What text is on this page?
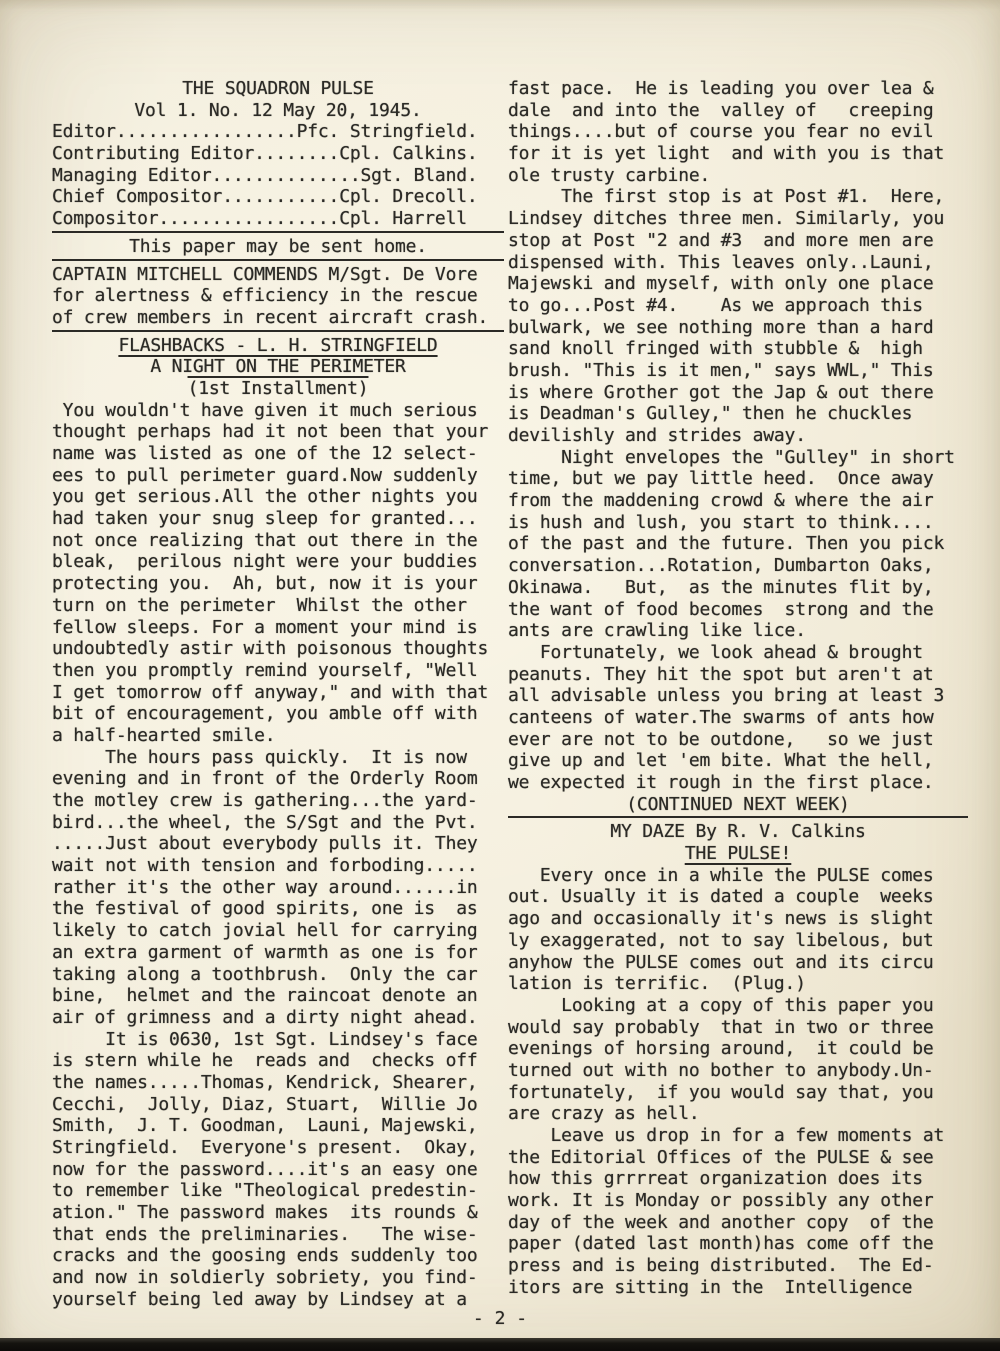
THE SQUADRON PULSE
Vol 1. No. 12 May 20, 1945.
Editor.................Pfc. Stringfield.
Contributing Editor........Cpl. Calkins.
Managing Editor..............Sgt. Bland.
Chief Compositor...........Cpl. Drecoll.
Compositor.................Cpl. Harrell
This paper may be sent home.
CAPTAIN MITCHELL COMMENDS M/Sgt. De Vore
for alertness & efficiency in the rescue
of crew members in recent aircraft crash.
FLASHBACKS - L. H. STRINGFIELD
A NIGHT ON THE PERIMETER
(1st Installment)
You wouldn't have given it much serious
thought perhaps had it not been that your
name was listed as one of the 12 select-
ees to pull perimeter guard.Now suddenly
you get serious.All the other nights you
had taken your snug sleep for granted...
not once realizing that out there in the
bleak,  perilous night were your buddies
protecting you.  Ah, but, now it is your
turn on the perimeter  Whilst the other
fellow sleeps. For a moment your mind is
undoubtedly astir with poisonous thoughts
then you promptly remind yourself, "Well
I get tomorrow off anyway," and with that
bit of encouragement, you amble off with
a half-hearted smile.
The hours pass quickly.  It is now
evening and in front of the Orderly Room
the motley crew is gathering...the yard-
bird...the wheel, the S/Sgt and the Pvt.
.....Just about everybody pulls it. They
wait not with tension and forboding.....
rather it's the other way around......in
the festival of good spirits, one is  as
likely to catch jovial hell for carrying
an extra garment of warmth as one is for
taking along a toothbrush.  Only the car
bine,  helmet and the raincoat denote an
air of grimness and a dirty night ahead.
It is 0630, 1st Sgt. Lindsey's face
is stern while he  reads and  checks off
the names.....Thomas, Kendrick, Shearer,
Cecchi,  Jolly, Diaz, Stuart,  Willie Jo
Smith,  J. T. Goodman,  Launi, Majewski,
Stringfield.  Everyone's present.  Okay,
now for the password....it's an easy one
to remember like "Theological predestin-
ation." The password makes  its rounds &
that ends the preliminaries.   The wise-
cracks and the goosing ends suddenly too
and now in soldierly sobriety, you find-
yourself being led away by Lindsey at a
fast pace.  He is leading you over lea &
dale  and into the  valley of   creeping
things....but of course you fear no evil
for it is yet light  and with you is that
ole trusty carbine.
The first stop is at Post #1.  Here,
Lindsey ditches three men. Similarly, you
stop at Post "2 and #3  and more men are
dispensed with. This leaves only..Launi,
Majewski and myself, with only one place
to go...Post #4.    As we approach this
bulwark, we see nothing more than a hard
sand knoll fringed with stubble &  high
brush. "This is it men," says WWL," This
is where Grother got the Jap & out there
is Deadman's Gulley," then he chuckles
devilishly and strides away.
Night envelopes the "Gulley" in short
time, but we pay little heed.  Once away
from the maddening crowd & where the air
is hush and lush, you start to think....
of the past and the future. Then you pick
conversation...Rotation, Dumbarton Oaks,
Okinawa.   But,  as the minutes flit by,
the want of food becomes  strong and the
ants are crawling like lice.
Fortunately, we look ahead & brought
peanuts. They hit the spot but aren't at
all advisable unless you bring at least 3
canteens of water.The swarms of ants how
ever are not to be outdone,   so we just
give up and let 'em bite. What the hell,
we expected it rough in the first place.
(CONTINUED NEXT WEEK)
MY DAZE By R. V. Calkins
THE PULSE!
Every once in a while the PULSE comes
out. Usually it is dated a couple  weeks
ago and occasionally it's news is slight
ly exaggerated, not to say libelous, but
anyhow the PULSE comes out and its circu
lation is terrific.  (Plug.)
Looking at a copy of this paper you
would say probably  that in two or three
evenings of horsing around,  it could be
turned out with no bother to anybody.Un-
fortunately,  if you would say that, you
are crazy as hell.
Leave us drop in for a few moments at
the Editorial Offices of the PULSE & see
how this grrrreat organization does its
work. It is Monday or possibly any other
day of the week and another copy  of the
paper (dated last month)has come off the
press and is being distributed.  The Ed-
itors are sitting in the  Intelligence
- 2 -
